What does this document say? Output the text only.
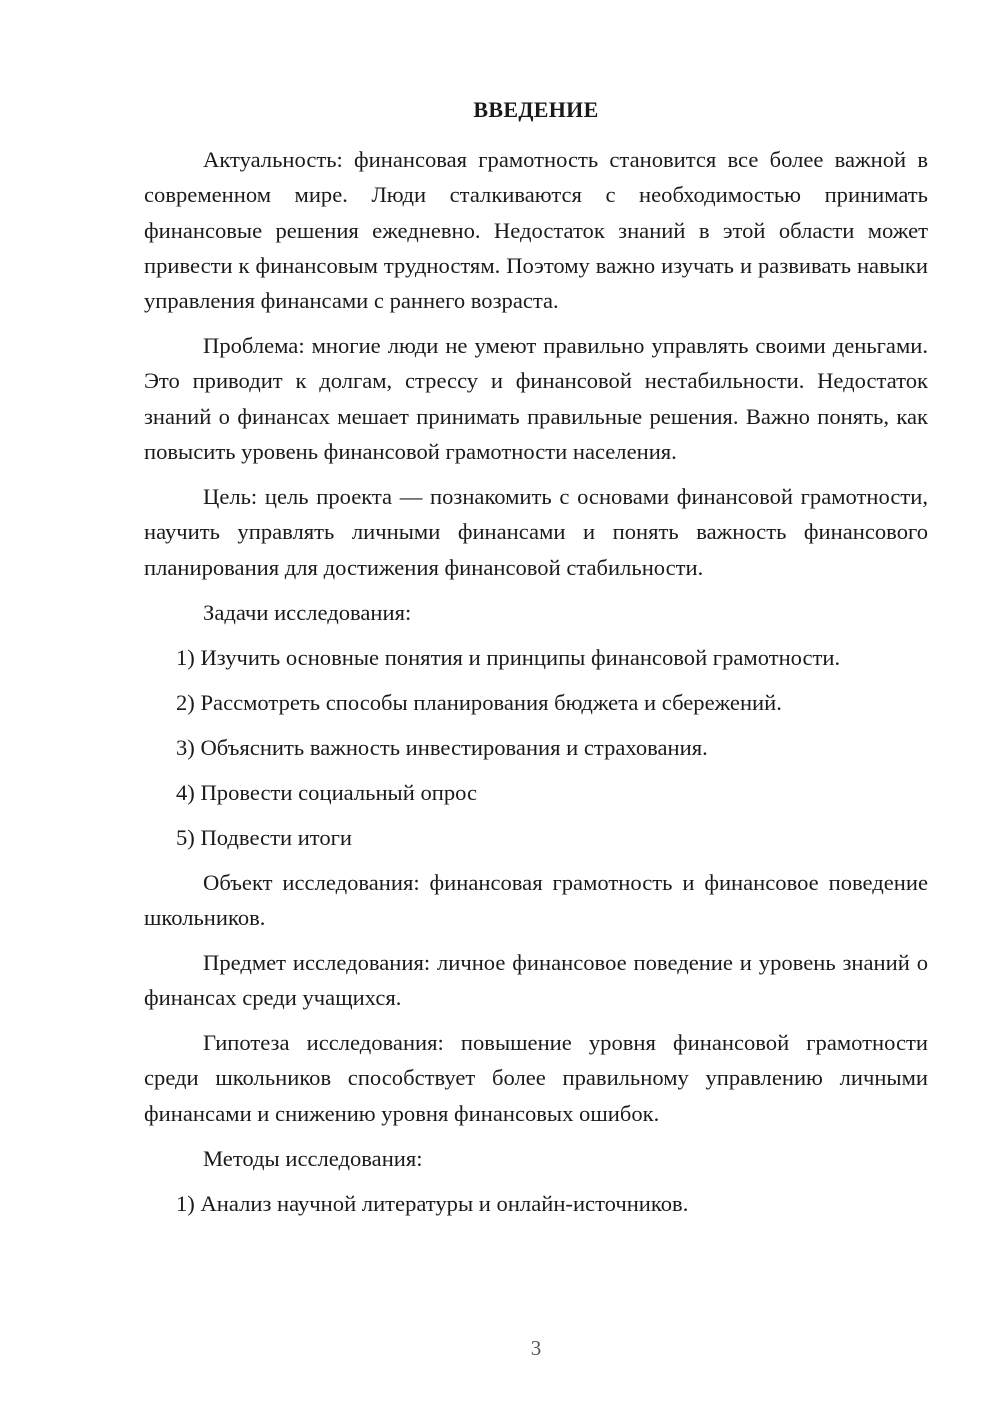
ВВЕДЕНИЕ

Актуальность: финансовая грамотность становится все более важной в современном мире. Люди сталкиваются с необходимостью принимать финансовые решения ежедневно. Недостаток знаний в этой области может привести к финансовым трудностям. Поэтому важно изучать и развивать навыки управления финансами с раннего возраста.

Проблема: многие люди не умеют правильно управлять своими деньгами. Это приводит к долгам, стрессу и финансовой нестабильности. Недостаток знаний о финансах мешает принимать правильные решения. Важно понять, как повысить уровень финансовой грамотности населения.

Цель: цель проекта — познакомить с основами финансовой грамотности, научить управлять личными финансами и понять важность финансового планирования для достижения финансовой стабильности.

Задачи исследования:

1) Изучить основные понятия и принципы финансовой грамотности.

2) Рассмотреть способы планирования бюджета и сбережений.

3) Объяснить важность инвестирования и страхования.

4) Провести социальный опрос

5) Подвести итоги

Объект исследования: финансовая грамотность и финансовое поведение школьников.

Предмет исследования: личное финансовое поведение и уровень знаний о финансах среди учащихся.

Гипотеза исследования: повышение уровня финансовой грамотности среди школьников способствует более правильному управлению личными финансами и снижению уровня финансовых ошибок.

Методы исследования:

1) Анализ научной литературы и онлайн-источников.

3
